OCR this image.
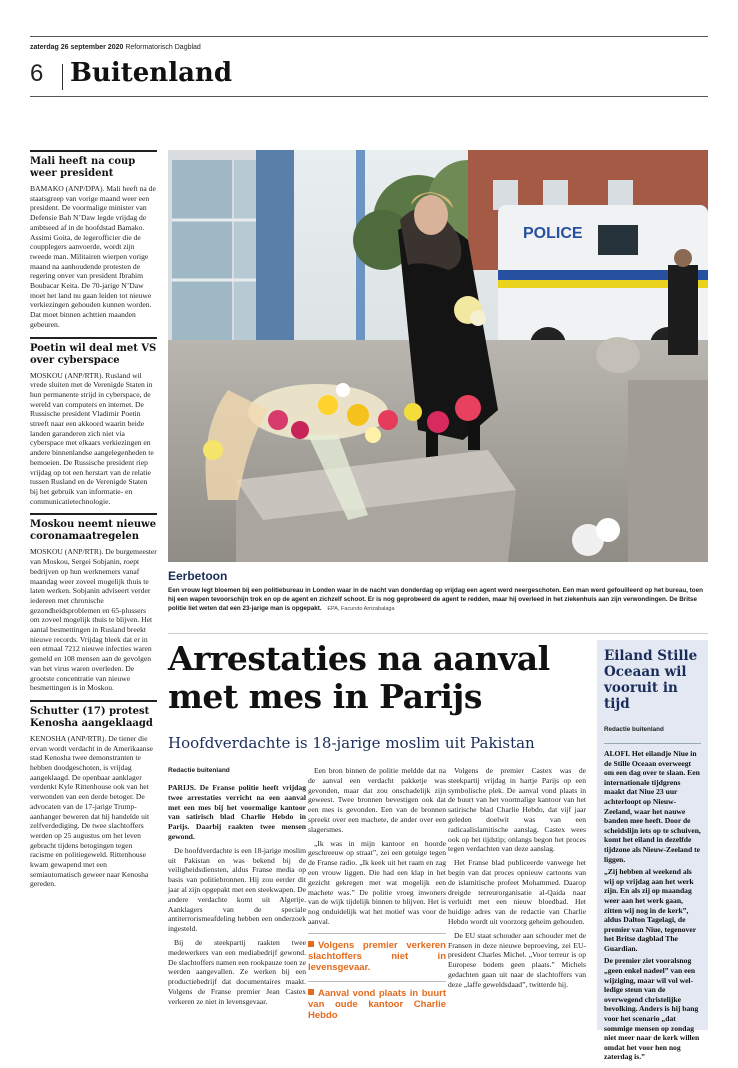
zaterdag 26 september 2020 Reformatorisch Dagblad
6 Buitenland
Mali heeft na coup weer president

BAMAKO (ANP/DPA). Mali heeft na de staatsgreep van vorige maand weer een president. De voormalige minister van Defensie Bah N’Daw legde vrijdag de ambtseed af in de hoofdstad Bamako. Assimi Goita, de legerofficier die de coupplegers aanvoerde, wordt zijn tweede man. Militairen wierpen vorige maand na aanhoudende protesten de regering onver van president Ibrahim Boubacar Keita. De 70-jarige N’Daw moet het land nu gaan leiden tot nieuwe verkiezingen gehouden kunnen worden. Dat moet binnen achttien maanden gebeuren.

Poetin wil deal met VS over cyberspace

MOSKOU (ANP/RTR). Rusland wil vrede sluiten met de Verenigde Staten in hun permanente strijd in cyberspace, de wereld van computers en internet. De Russische president Vladimir Poetin streeft naar een akkoord waarin beide landen garanderen zich niet via cyberspace met elkaars verkiezingen en andere binnenlandse aangelegenheden te bemoeien. De Russische president riep vrijdag op tot een herstart van de relatie tussen Rusland en de Verenigde Staten bij het gebruik van informatie- en communicatietechnologie.

Moskou neemt nieuwe coronamaatregelen

MOSKOU (ANP/RTR). De burgemeester van Moskou, Sergei Sobjanin, roept bedrijven op hun werknemers vanaf maandag weer zoveel mogelijk thuis te laten werken. Sobjanin adviseert verder iedereen met chronische gezondheidsproblemen en 65-plussers om zoveel mogelijk thuis te blijven. Het aantal besmettingen in Rusland breekt nieuwe records. Vrijdag bleek dat er in een etmaal 7212 nieuwe infecties waren gemeld en 108 mensen aan de gevolgen van het virus waren overleden. De grootste concentratie van nieuwe besmettingen is in Moskou.

Schutter (17) protest Kenosha aangeklaagd

KENOSHA (ANP/RTR). De tiener die ervan wordt verdacht in de Amerikaanse stad Kenosha twee demonstranten te hebben doodgeschoten, is vrijdag aangeklaagd. De openbaar aanklager verdenkt Kyle Rittenhouse ook van het verwonden van een derde betoger. De advocaten van de 17-jarige Trump-aanhanger beweren dat hij handelde uit zelfverdediging. De twee slachtoffers werden op 25 augustus om het leven gebracht tijdens betogingen tegen racisme en politiegeweld. Rittenhouse kwam gewapend met een semiautomatisch geweer naar Kenosha gereden.

POLICE
Eerbetoon
Een vrouw legt bloemen bij een politiebureau in Londen waar in de nacht van donderdag op vrijdag een agent werd neergeschoten. Een man werd gefouilleerd op het bureau, toen hij een wapen tevoorschijn trok en op de agent en zichzelf schoot. Er is nog geprobeerd de agent te redden, maar hij overleed in het ziekenhuis aan zijn verwondingen. De Britse politie liet weten dat een 23-jarige man is opgepakt. EPA, Facundo Arrizabalaga
Arrestaties na aanval met mes in Parijs
Hoofdverdachte is 18-jarige moslim uit Pakistan
Redactie buitenland

PARIJS. De Franse politie heeft vrijdag twee arrestaties verricht na een aanval met een mes bij het voormalige kantoor van satirisch blad Charlie Hebdo in Parijs. Daarbij raakten twee mensen gewond.

De hoofdverdachte is een 18-jarige moslim uit Pakistan en was bekend bij de veiligheidsdiensten, aldus Franse media op basis van politiebronnen. Hij zou eerder dit jaar al zijn opgepakt met een steekwapen. De andere verdachte komt uit Algerije. Aanklagers van de speciale antiterrorismeafdeling hebben een onderzoek ingesteld.

Bij de steekpartij raakten twee medewerkers van een mediabedrijf gewond. De slachtoffers namen een rookpauze toen ze werden aangevallen. Ze werken bij een productiebedrijf dat documentaires maakt. Volgens de Franse premier Jean Castex verkeren ze niet in levensgevaar.

Een bron binnen de politie meldde dat na de aanval een verdacht pakketje was gevonden, maar dat zou onschadelijk zijn geweest. Twee bronnen bevestigen ook dat een mes is gevonden. Een van de bronnen spreekt over een machete, de ander over een slagersmes.

„Ik was in mijn kantoor en hoorde geschreeuw op straat”, zei een getuige tegen de Franse radio. „Ik keek uit het raam en zag een vrouw liggen. Die had een klap in het gezicht gekregen met wat mogelijk een machete was.” De politie vroeg inwoners van de wijk tijdelijk binnen te blijven. Het is nog onduidelijk wat het motief was voor de aanval.

Volgens premier verkeren slachtoffers niet in levensgevaar.
Aanval vond plaats in buurt van oude kantoor Charlie Hebdo

Volgens de premier Castex was de steekpartij vrijdag in hartje Parijs op een symbolische plek. De aanval vond plaats in de buurt van het voormalige kantoor van het satirische blad Charlie Hebdo, dat vijf jaar geleden doelwit was van een radicaalislamitische aanslag. Castex wees ook op het tijdstip; onlangs begon het proces tegen verdachten van deze aanslag.

Het Franse blad publiceerde vanwege het begin van dat proces opnieuw cartoons van de islamitische profeet Mohammed. Daarop dreigde terreurorganisatie al-Qaida naar verluidt met een nieuw bloedbad. Het huidige adres van de redactie van Charlie Hebdo wordt uit voorzorg geheim gehouden.

De EU staat schouder aan schouder met de Fransen in deze nieuwe beproeving, zei EU-president Charles Michel. „Voor terreur is op Europese bodem geen plaats.” Michels gedachten gaan uit naar de slachtoffers van deze „laffe geweldsdaad”, twitterde hij.

Eiland Stille Oceaan wil vooruit in tijd
Redactie buitenland

ALOFI. Het eilandje Niue in de Stille Oceaan overweegt om een dag over te slaan. Een internationale tijdgrens maakt dat Niue 23 uur achterloopt op Nieuw-Zeeland, waar het nauwe banden mee heeft. Door de scheidslijn iets op te schuiven, komt het eiland in dezelfde tijdzone als Nieuw-Zeeland te liggen.

„Zij hebben al weekend als wij op vrijdag aan het werk zijn. En als zij op maandag weer aan het werk gaan, zitten wij nog in de kerk”, aldus Dalton Tagelagi, de premier van Niue, tegenover het Britse dagblad The Guardian.

De premier ziet vooralsnog „geen enkel nadeel” van een wijziging, maar wil vol wel-ledige steun van de overwegend christelijke bevolking. Anders is hij bang voor het scenario „dat sommige mensen op zondag niet meer naar de kerk willen omdat het voor hen nog zaterdag is.”
